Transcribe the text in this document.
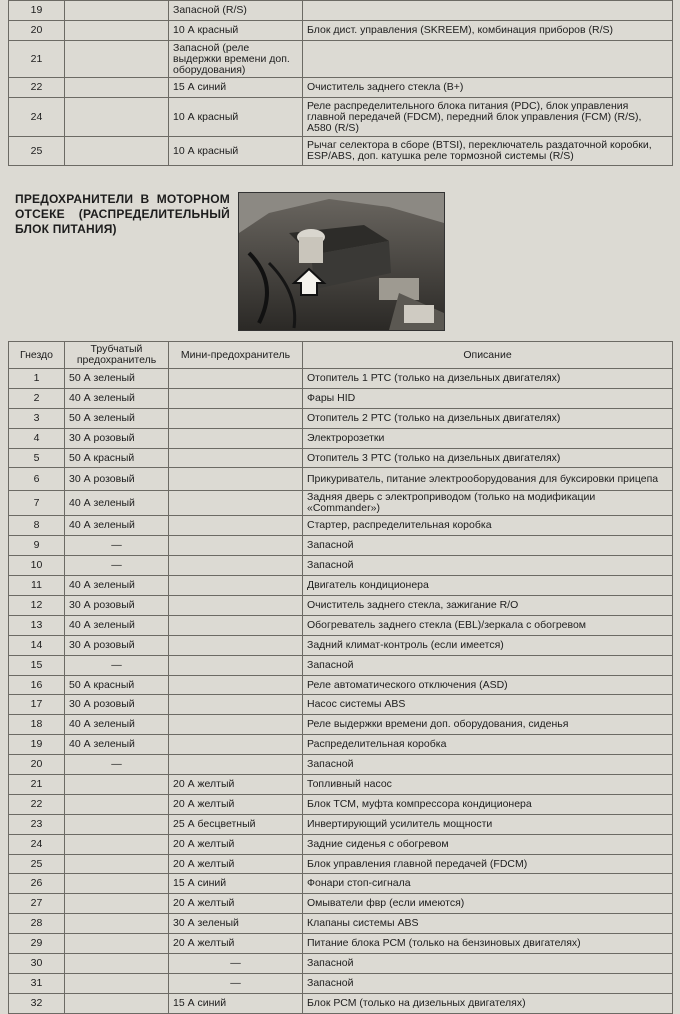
19		Запасной (R/S)	
20		10 А красный	Блок дист. управления (SKREEM), комбинация приборов (R/S)
21		Запасной (реле выдержки времени доп. оборудования)	
22		15 А синий	Очиститель заднего стекла (В+)
24		10 А красный	Реле распределительного блока питания (PDC), блок управления главной передачей (FDCM), передний блок управления (FCM) (R/S), А580 (R/S)
25		10 А красный	Рычаг селектора в сборе (BTSI), переключатель раздаточной коробки, ESP/ABS, доп. катушка реле тормозной системы (R/S)
ПРЕДОХРАНИТЕЛИ В МОТОРНОМ ОТСЕКЕ (РАСПРЕДЕЛИТЕЛЬНЫЙ БЛОК ПИТАНИЯ)
Гнездо	Трубчатый предохранитель	Мини-предохранитель	Описание
1	50 А зеленый		Отопитель 1 РТС (только на дизельных двигателях)
2	40 А зеленый		Фары HID
3	50 А зеленый		Отопитель 2 РТС (только на дизельных двигателях)
4	30 А розовый		Электророзетки
5	50 А красный		Отопитель 3 РТС (только на дизельных двигателях)
6	30 А розовый		Прикуриватель, питание электрооборудования для буксировки прицепа
7	40 А зеленый		Задняя дверь с электроприводом (только на модификации «Commander»)
8	40 А зеленый		Стартер, распределительная коробка
9	—		Запасной
10	—		Запасной
11	40 А зеленый		Двигатель кондиционера
12	30 А розовый		Очиститель заднего стекла, зажигание R/O
13	40 А зеленый		Обогреватель заднего стекла (EBL)/зеркала с обогревом
14	30 А розовый		Задний климат-контроль (если имеется)
15	—		Запасной
16	50 А красный		Реле автоматического отключения (ASD)
17	30 А розовый		Насос системы ABS
18	40 А зеленый		Реле выдержки времени доп. оборудования, сиденья
19	40 А зеленый		Распределительная коробка
20	—		Запасной
21		20 А желтый	Топливный насос
22		20 А желтый	Блок ТСМ, муфта компрессора кондиционера
23		25 А бесцветный	Инвертирующий усилитель мощности
24		20 А желтый	Задние сиденья с обогревом
25		20 А желтый	Блок управления главной передачей (FDCM)
26		15 А синий	Фонари стоп-сигнала
27		20 А желтый	Омыватели фвр (если имеются)
28		30 А зеленый	Клапаны системы ABS
29		20 А желтый	Питание блока РСМ (только на бензиновых двигателях)
30		—	Запасной
31		—	Запасной
32		15 А синий	Блок РСМ (только на дизельных двигателях)
